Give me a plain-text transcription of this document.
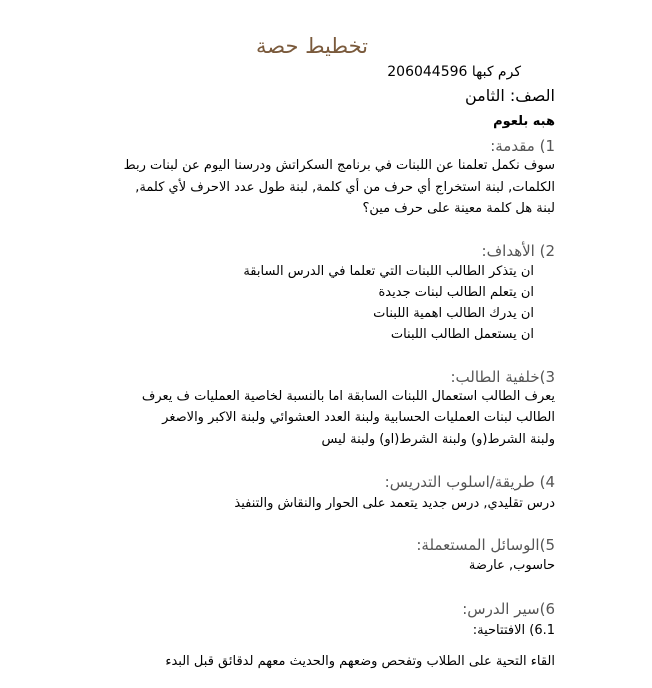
تخطيط حصة
كرم كبها 206044596
الصف: الثامن
هبه بلعوم
1) مقدمة:
سوف نكمل تعلمنا عن اللبنات في برنامج السكراتش ودرسنا اليوم عن لبنات ربط
الكلمات, لبنة استخراج أي حرف من أي كلمة, لبنة طول عدد الاحرف لأي كلمة,
لبنة هل كلمة معينة على حرف مين؟
2) الأهداف:
ان يتذكر الطالب اللبنات التي تعلما في الدرس السابقة
ان يتعلم الطالب لبنات جديدة
ان يدرك الطالب اهمية اللبنات
ان يستعمل الطالب اللبنات
3)خلفية الطالب:
يعرف الطالب استعمال اللبنات السابقة اما بالنسبة لخاصية العمليات ف يعرف
الطالب لبنات العمليات الحسابية ولبنة العدد العشوائي ولبنة الاكبر والاصغر
ولبنة الشرط(و) ولبنة الشرط(او) ولبنة ليس
4) طريقة/اسلوب التدريس:
درس تقليدي, درس جديد يتعمد على الحوار والنقاش والتنفيذ
5)الوسائل المستعملة:
حاسوب, عارضة
6)سير الدرس:
6.1) الافتتاحية:
القاء التحية على الطلاب وتفحص وضعهم والحديث معهم لدقائق قبل البدء
